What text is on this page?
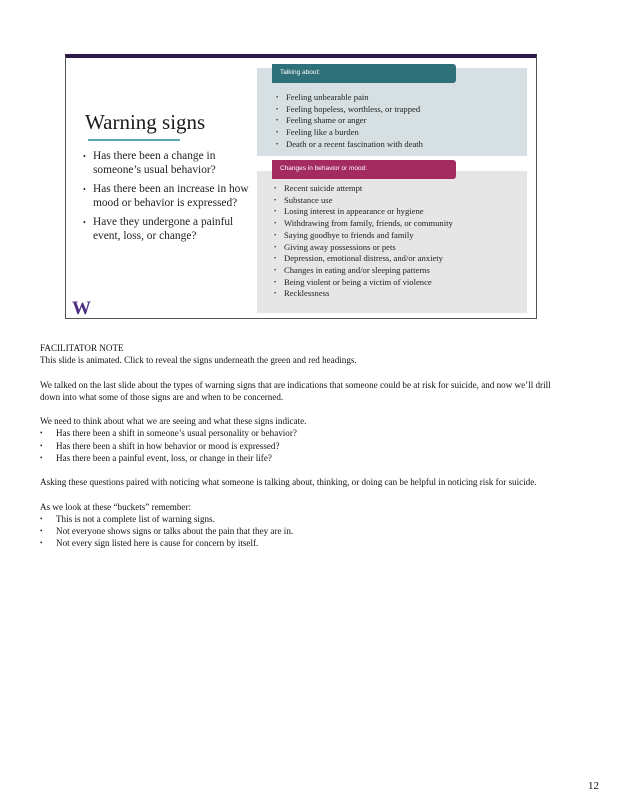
Warning signs
• Has there been a change in someone’s usual behavior?
• Has there been an increase in how mood or behavior is expressed?
• Have they undergone a painful event, loss, or change?
W
Talking about:
• Feeling unbearable pain
• Feeling hopeless, worthless, or trapped
• Feeling shame or anger
• Feeling like a burden
• Death or a recent fascination with death
Changes in behavior or mood:
• Recent suicide attempt
• Substance use
• Losing interest in appearance or hygiene
• Withdrawing from family, friends, or community
• Saying goodbye to friends and family
• Giving away possessions or pets
• Depression, emotional distress, and/or anxiety
• Changes in eating and/or sleeping patterns
• Being violent or being a victim of violence
• Recklessness

FACILITATOR NOTE

This slide is animated. Click to reveal the signs underneath the green and red headings.

We talked on the last slide about the types of warning signs that are indications that someone could be at risk for suicide, and now we’ll drill down into what some of those signs are and when to be concerned.

We need to think about what we are seeing and what these signs indicate.

• Has there been a shift in someone’s usual personality or behavior?
• Has there been a shift in how behavior or mood is expressed?
• Has there been a painful event, loss, or change in their life?

Asking these questions paired with noticing what someone is talking about, thinking, or doing can be helpful in noticing risk for suicide.

As we look at these “buckets” remember:

• This is not a complete list of warning signs.
• Not everyone shows signs or talks about the pain that they are in.
• Not every sign listed here is cause for concern by itself.
12
